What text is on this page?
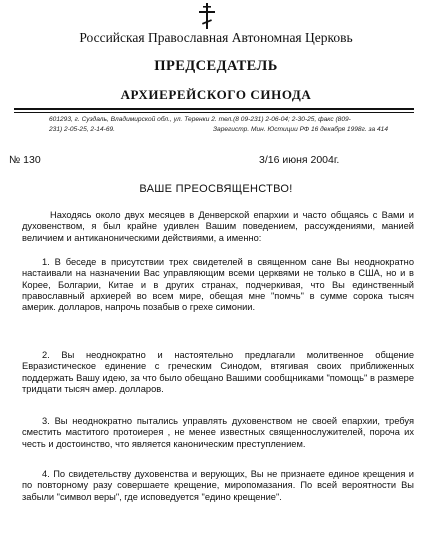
Российская Православная Автономная Церковь
ПРЕДСЕДАТЕЛЬ
АРХИЕРЕЙСКОГО СИНОДА
601293, г. Суздаль, Владимирской обл., ул. Теренки 2. тел.(8 09-231) 2-06-04; 2-30-25, факс (809-
231) 2-05-25, 2-14-69.	Зарегистр. Мин. Юстиции РФ 16 декабря 1998г. за 414
№ 130	3/16 июня 2004г.
ВАШЕ ПРЕОСВЯЩЕНСТВО!

Находясь около двух месяцев в Денверской епархии и часто общаясь с Вами и духовенством, я был крайне удивлен Вашим поведением, рассуждениями, манией величием и антиканоническими действиями, а именно:

1. В беседе в присутствии трех свидетелей в священном сане Вы неоднократно настаивали на назначении Вас управляющим всеми церквями не только в США, но и в Корее, Болгарии, Китае и в других странах, подчеркивая, что Вы единственный православный архиерей во всем мире, обещая мне "помчь" в сумме сорока тысяч америк. долларов, напрочь позабыв о грехе симонии.

2. Вы неоднократно и настоятельно предлагали молитвенное общение Евразистическое единение с греческим Синодом, втягивая своих приближенных поддержать Вашу идею, за что было обещано Вашими сообщниками "помощь" в размере тридцати тысяч амер. долларов.

3. Вы неоднократно пытались управлять духовенством не своей епархии, требуя сместить маститого протоиерея , не менее известных священнослужителей, пороча их честь и достоинство, что является каноническим преступлением.

4. По свидетельству духовенства и верующих, Вы не признаете единое крещения и по повторному разу совершаете крещение, миропомазания. По всей вероятности Вы забыли "символ веры", где исповедуется "едино крещение".
